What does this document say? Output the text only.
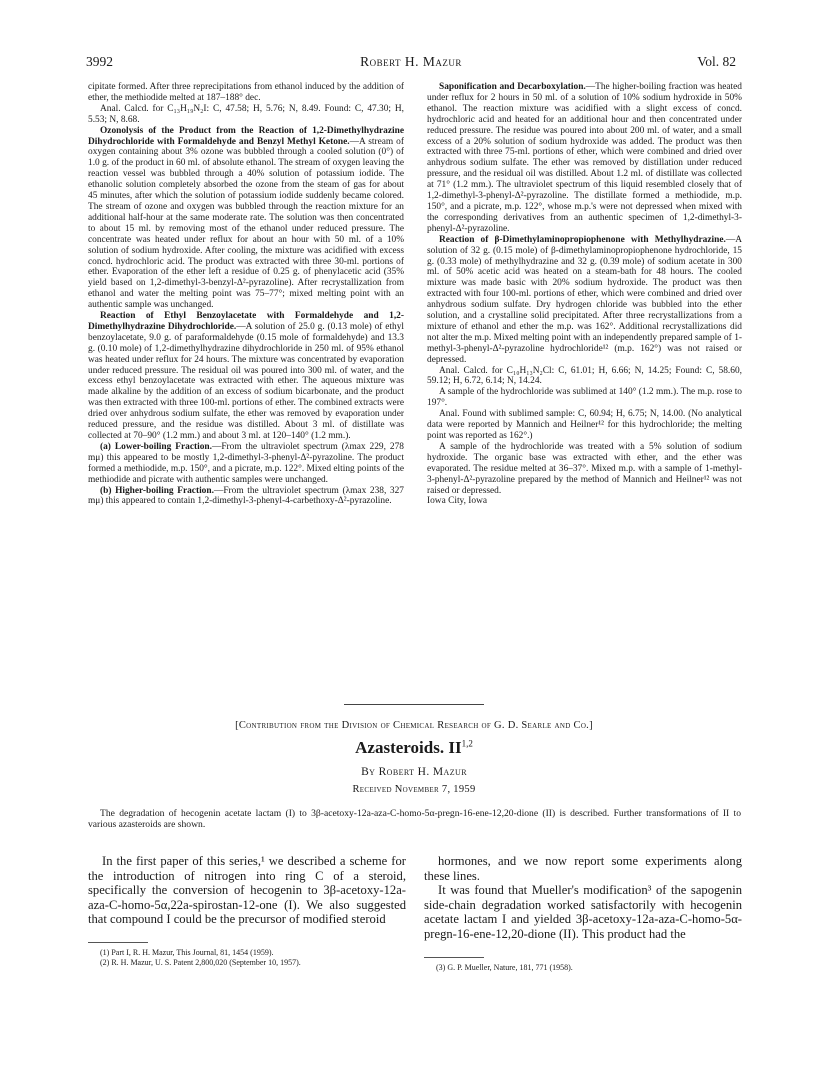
3992	Robert H. Mazur	Vol. 82

cipitate formed. After three reprecipitations from ethanol induced by the addition of ether, the methiodide melted at 187–188° dec.

Anal. Calcd. for C₁₃H₁₉N₂I: C, 47.58; H, 5.76; N, 8.49. Found: C, 47.30; H, 5.53; N, 8.68.

Ozonolysis of the Product from the Reaction of 1,2-Dimethylhydrazine Dihydrochloride with Formaldehyde and Benzyl Methyl Ketone.—A stream of oxygen containing about 3% ozone was bubbled through a cooled solution (0°) of 1.0 g. of the product in 60 ml. of absolute ethanol. The stream of oxygen leaving the reaction vessel was bubbled through a 40% solution of potassium iodide. The ethanolic solution completely absorbed the ozone from the steam of gas for about 45 minutes, after which the solution of potassium iodide suddenly became colored. The stream of ozone and oxygen was bubbled through the reaction mixture for an additional half-hour at the same moderate rate. The solution was then concentrated to about 15 ml. by removing most of the ethanol under reduced pressure. The concentrate was heated under reflux for about an hour with 50 ml. of a 10% solution of sodium hydroxide. After cooling, the mixture was acidified with excess concd. hydrochloric acid. The product was extracted with three 30-ml. portions of ether. Evaporation of the ether left a residue of 0.25 g. of phenylacetic acid (35% yield based on 1,2-dimethyl-3-benzyl-Δ²-pyrazoline). After recrystallization from ethanol and water the melting point was 75–77°; mixed melting point with an authentic sample was unchanged.

Reaction of Ethyl Benzoylacetate with Formaldehyde and 1,2-Dimethylhydrazine Dihydrochloride.—A solution of 25.0 g. (0.13 mole) of ethyl benzoylacetate, 9.0 g. of paraformaldehyde (0.15 mole of formaldehyde) and 13.3 g. (0.10 mole) of 1,2-dimethylhydrazine dihydrochloride in 250 ml. of 95% ethanol was heated under reflux for 24 hours. The mixture was concentrated by evaporation under reduced pressure. The residual oil was poured into 300 ml. of water, and the excess ethyl benzoylacetate was extracted with ether. The aqueous mixture was made alkaline by the addition of an excess of sodium bicarbonate, and the product was then extracted with three 100-ml. portions of ether. The combined extracts were dried over anhydrous sodium sulfate, the ether was removed by evaporation under reduced pressure, and the residue was distilled. About 3 ml. of distillate was collected at 70–90° (1.2 mm.) and about 3 ml. at 120–140° (1.2 mm.).

(a) Lower-boiling Fraction.—From the ultraviolet spectrum (λmax 229, 278 mμ) this appeared to be mostly 1,2-dimethyl-3-phenyl-Δ²-pyrazoline. The product formed a methiodide, m.p. 150°, and a picrate, m.p. 122°. Mixed elting points of the methiodide and picrate with authentic samples were unchanged.

(b) Higher-boiling Fraction.—From the ultraviolet spectrum (λmax 238, 327 mμ) this appeared to contain 1,2-dimethyl-3-phenyl-4-carbethoxy-Δ²-pyrazoline.

Saponification and Decarboxylation.—The higher-boiling fraction was heated under reflux for 2 hours in 50 ml. of a solution of 10% sodium hydroxide in 50% ethanol. The reaction mixture was acidified with a slight excess of concd. hydrochloric acid and heated for an additional hour and then concentrated under reduced pressure. The residue was poured into about 200 ml. of water, and a small excess of a 20% solution of sodium hydroxide was added. The product was then extracted with three 75-ml. portions of ether, which were combined and dried over anhydrous sodium sulfate. The ether was removed by distillation under reduced pressure, and the residual oil was distilled. About 1.2 ml. of distillate was collected at 71° (1.2 mm.). The ultraviolet spectrum of this liquid resembled closely that of 1,2-dimethyl-3-phenyl-Δ²-pyrazoline. The distillate formed a methiodide, m.p. 150°, and a picrate, m.p. 122°, whose m.p.'s were not depressed when mixed with the corresponding derivatives from an authentic specimen of 1,2-dimethyl-3-phenyl-Δ²-pyrazoline.

Reaction of β-Dimethylaminopropiophenone with Methylhydrazine.—A solution of 32 g. (0.15 mole) of β-dimethylaminopropiophenone hydrochloride, 15 g. (0.33 mole) of methylhydrazine and 32 g. (0.39 mole) of sodium acetate in 300 ml. of 50% acetic acid was heated on a steam-bath for 48 hours. The cooled mixture was made basic with 20% sodium hydroxide. The product was then extracted with four 100-ml. portions of ether, which were combined and dried over anhydrous sodium sulfate. Dry hydrogen chloride was bubbled into the ether solution, and a crystalline solid precipitated. After three recrystallizations from a mixture of ethanol and ether the m.p. was 162°. Additional recrystallizations did not alter the m.p. Mixed melting point with an independently prepared sample of 1-methyl-3-phenyl-Δ²-pyrazoline hydrochloride¹² (m.p. 162°) was not raised or depressed.

Anal. Calcd. for C₁₀H₁₃N₂Cl: C, 61.01; H, 6.66; N, 14.25; Found: C, 58.60, 59.12; H, 6.72, 6.14; N, 14.24.

A sample of the hydrochloride was sublimed at 140° (1.2 mm.). The m.p. rose to 197°.

Anal. Found with sublimed sample: C, 60.94; H, 6.75; N, 14.00. (No analytical data were reported by Mannich and Heilner¹² for this hydrochloride; the melting point was reported as 162°.)

A sample of the hydrochloride was treated with a 5% solution of sodium hydroxide. The organic base was extracted with ether, and the ether was evaporated. The residue melted at 36–37°. Mixed m.p. with a sample of 1-methyl-3-phenyl-Δ²-pyrazoline prepared by the method of Mannich and Heilner¹² was not raised or depressed.

Iowa City, Iowa

[Contribution from the Division of Chemical Research of G. D. Searle and Co.]
Azasteroids. II$^{1,2}$
By Robert H. Mazur
Received November 7, 1959
The degradation of hecogenin acetate lactam (I) to 3β-acetoxy-12a-aza-C-homo-5α-pregn-16-ene-12,20-dione (II) is described. Further transformations of II to various azasteroids are shown.

In the first paper of this series,¹ we described a scheme for the introduction of nitrogen into ring C of a steroid, specifically the conversion of hecogenin to 3β-acetoxy-12a-aza-C-homo-5α,22a-spirostan-12-one (I). We also suggested that compound I could be the precursor of modified steroid

hormones, and we now report some experiments along these lines.

It was found that Mueller's modification³ of the sapogenin side-chain degradation worked satisfactorily with hecogenin acetate lactam I and yielded 3β-acetoxy-12a-aza-C-homo-5α-pregn-16-ene-12,20-dione (II). This product had the

(1) Part I, R. H. Mazur, This Journal, 81, 1454 (1959).
(2) R. H. Mazur, U. S. Patent 2,800,020 (September 10, 1957).
(3) G. P. Mueller, Nature, 181, 771 (1958).
